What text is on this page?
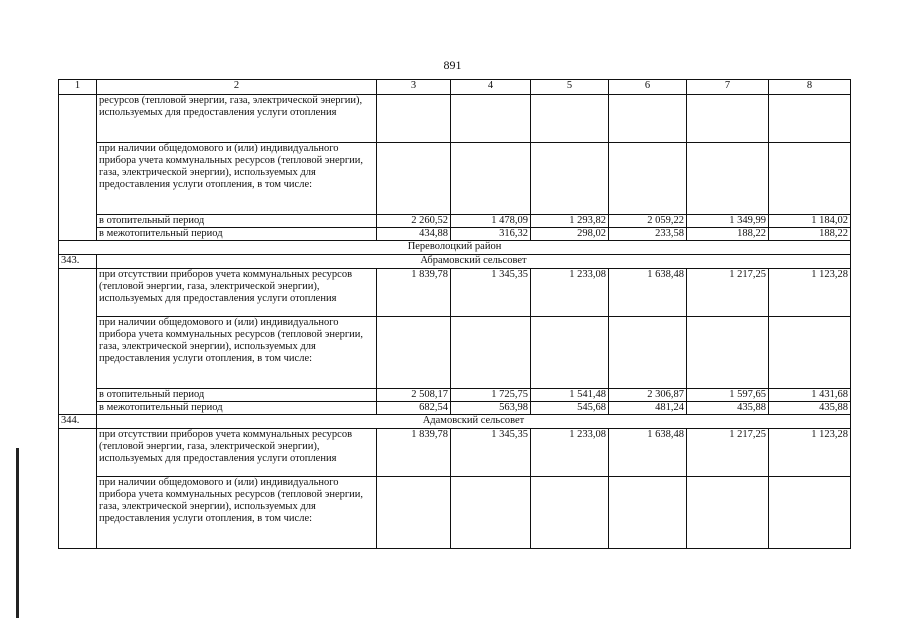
891
1	2	3	4	5	6	7	8
	ресурсов (тепловой энергии, газа, электрической энергии), используемых для предоставления услуги отопления						
	при наличии общедомового и (или) индивидуального прибора учета коммунальных ресурсов (тепловой энергии, газа, электрической энергии), используемых для предоставления услуги отопления, в том числе:						
	в отопительный период	2 260,52	1 478,09	1 293,82	2 059,22	1 349,99	1 184,02
	в межотопительный период	434,88	316,32	298,02	233,58	188,22	188,22
Переволоцкий район							
343.	Абрамовский сельсовет						
	при отсутствии приборов учета коммунальных ресурсов (тепловой энергии, газа, электрической энергии), используемых для предоставления услуги отопления	1 839,78	1 345,35	1 233,08	1 638,48	1 217,25	1 123,28
	при наличии общедомового и (или) индивидуального прибора учета коммунальных ресурсов (тепловой энергии, газа, электрической энергии), используемых для предоставления услуги отопления, в том числе:						
	в отопительный период	2 508,17	1 725,75	1 541,48	2 306,87	1 597,65	1 431,68
	в межотопительный период	682,54	563,98	545,68	481,24	435,88	435,88
344.	Адамовский сельсовет						
	при отсутствии приборов учета коммунальных ресурсов (тепловой энергии, газа, электрической энергии), используемых для предоставления услуги отопления	1 839,78	1 345,35	1 233,08	1 638,48	1 217,25	1 123,28
	при наличии общедомового и (или) индивидуального прибора учета коммунальных ресурсов (тепловой энергии, газа, электрической энергии), используемых для предоставления услуги отопления, в том числе:						
